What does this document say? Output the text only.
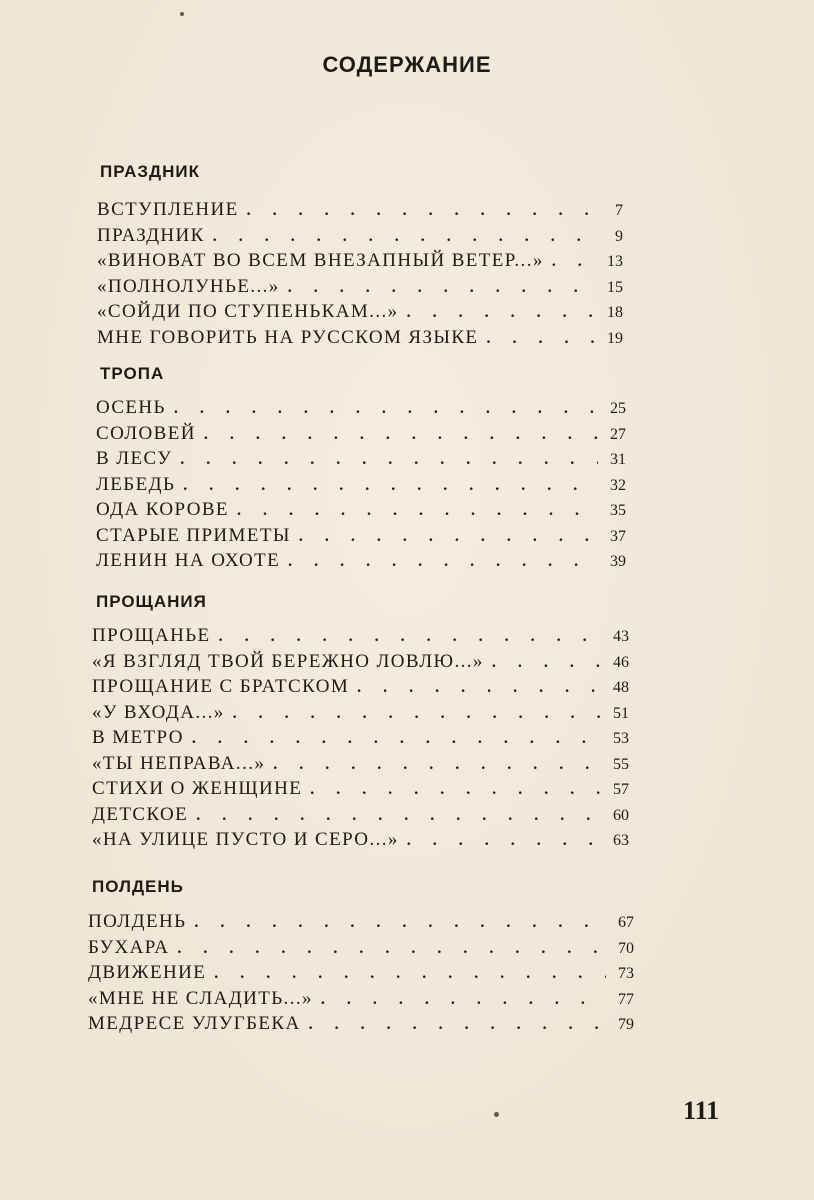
СОДЕРЖАНИЕ
ПРАЗДНИК
ВСТУПЛЕНИЕ . . .	7
ПРАЗДНИК . . .	9
«ВИНОВАТ ВО ВСЕМ ВНЕЗАПНЫЙ ВЕТЕР...» . . .	13
«ПОЛНОЛУНЬЕ...» . . .	15
«СОЙДИ ПО СТУПЕНЬКАМ...» . . .	18
МНЕ ГОВОРИТЬ НА РУССКОМ ЯЗЫКЕ . . .	19
ТРОПА
ОСЕНЬ . . .	25
СОЛОВЕЙ . . .	27
В ЛЕСУ . . .	31
ЛЕБЕДЬ . . .	32
ОДА КОРОВЕ . . .	35
СТАРЫЕ ПРИМЕТЫ . . .	37
ЛЕНИН НА ОХОТЕ . . .	39
ПРОЩАНИЯ
ПРОЩАНЬЕ . . .	43
«Я ВЗГЛЯД ТВОЙ БЕРЕЖНО ЛОВЛЮ...» . . .	46
ПРОЩАНИЕ С БРАТСКОМ . . .	48
«У ВХОДА...» . . .	51
В МЕТРО . . .	53
«ТЫ НЕПРАВА...» . . .	55
СТИХИ О ЖЕНЩИНЕ . . .	57
ДЕТСКОЕ . . .	60
«НА УЛИЦЕ ПУСТО И СЕРО...» . . .	63
ПОЛДЕНЬ
ПОЛДЕНЬ . . .	67
БУХАРА . . .	70
ДВИЖЕНИЕ . . .	73
«МНЕ НЕ СЛАДИТЬ...» . . .	77
МЕДРЕСЕ УЛУГБЕКА . . .	79
111
